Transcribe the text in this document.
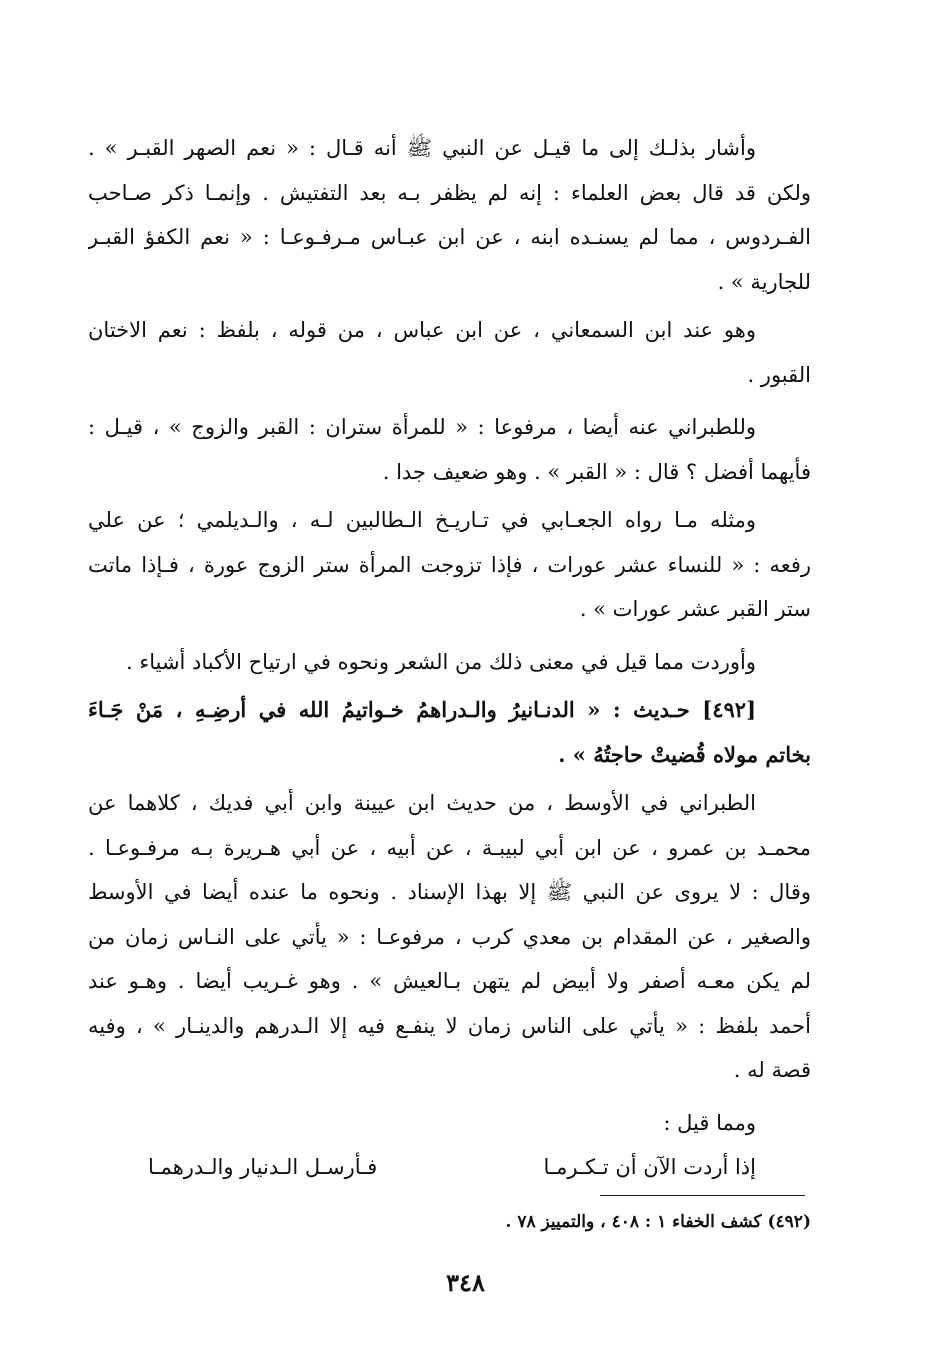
وأشار بذلـك إلى ما قيـل عن النبي ﷺ أنه قـال : « نعم الصهر القبـر » .
ولكن قد قال بعض العلماء : إنه لم يظفر بـه بعد التفتيش . وإنمـا ذكر صـاحب
الفـردوس ، مما لم يسنـده ابنه ، عن ابن عبـاس مـرفـوعـا : « نعم الكفؤ القبـر
للجارية » .
وهو عند ابن السمعاني ، عن ابن عباس ، من قوله ، بلفظ : نعم الاختان
القبور .
وللطبراني عنه أيضا ، مرفوعا : « للمرأة ستران : القبر والزوج » ، قيـل :
فأيهما أفضل ؟ قال : « القبر » . وهو ضعيف جدا .
ومثله مـا رواه الجعـابي في تـاريـخ الـطالبين لـه ، والـديلمي ؛ عن علي
رفعه : « للنساء عشر عورات ، فإذا تزوجت المرأة ستر الزوج عورة ، فـإذا ماتت
ستر القبر عشر عورات » .
وأوردت مما قيل في معنى ذلك من الشعر ونحوه في ارتياح الأكباد أشياء .
[٤٩٢] حـديث : « الدنـانيرُ والـدراهمُ خـواتيمُ الله في أرضِـهِ ، مَنْ جَـاءَ
بخاتم مولاه قُضيتْ حاجتُهُ » .
الطبراني في الأوسط ، من حديث ابن عيينة وابن أبي فديك ، كلاهما عن
محمـد بن عمرو ، عن ابن أبي لبيبـة ، عن أبيه ، عن أبي هـريرة بـه مرفـوعـا .
وقال : لا يروى عن النبي ﷺ إلا بهذا الإسناد . ونحوه ما عنده أيضا في الأوسط
والصغير ، عن المقدام بن معدي كرب ، مرفوعـا : « يأتي على النـاس زمان من
لم يكن معـه أصفر ولا أبيض لم يتهن بـالعيش » . وهو غـريب أيضا . وهـو عند
أحمد بلفظ : « يأتي على الناس زمان لا ينفـع فيه إلا الـدرهم والدينـار » ، وفيه
قصة له .
ومما قيل :
إذا أردت الآن أن تـكـرمـا
فـأرسـل الـدنيار والـدرهمـا
(٤٩٢) كشف الخفاء ١ : ٤٠٨ ، والتمييز ٧٨ .
٣٤٨
